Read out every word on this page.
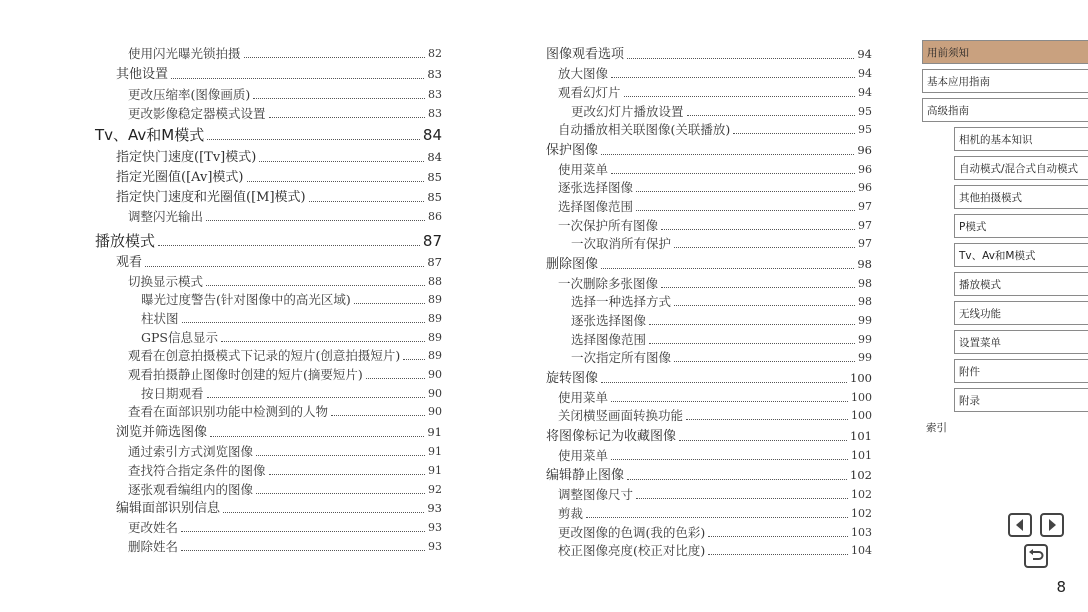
使用闪光曝光锁拍摄	82
其他设置	83
更改压缩率(图像画质)	83
更改影像稳定器模式设置	83
Tv、Av和M模式	84
指定快门速度([Tv]模式)	84
指定光圈值([Av]模式)	85
指定快门速度和光圈值([M]模式)	85
调整闪光输出	86
播放模式	87
观看	87
切换显示模式	88
曝光过度警告(针对图像中的高光区域)	89
柱状图	89
GPS信息显示	89
观看在创意拍摄模式下记录的短片(创意拍摄短片)	89
观看拍摄静止图像时创建的短片(摘要短片)	90
按日期观看	90
查看在面部识别功能中检测到的人物	90
浏览并筛选图像	91
通过索引方式浏览图像	91
查找符合指定条件的图像	91
逐张观看编组内的图像	92
编辑面部识别信息	93
更改姓名	93
删除姓名	93
图像观看选项	94
放大图像	94
观看幻灯片	94
更改幻灯片播放设置	95
自动播放相关联图像(关联播放)	95
保护图像	96
使用菜单	96
逐张选择图像	96
选择图像范围	97
一次保护所有图像	97
一次取消所有保护	97
删除图像	98
一次删除多张图像	98
选择一种选择方式	98
逐张选择图像	99
选择图像范围	99
一次指定所有图像	99
旋转图像	100
使用菜单	100
关闭横竖画面转换功能	100
将图像标记为收藏图像	101
使用菜单	101
编辑静止图像	102
调整图像尺寸	102
剪裁	102
更改图像的色调(我的色彩)	103
校正图像亮度(校正对比度)	104
用前须知
基本应用指南
高级指南
相机的基本知识
自动模式/混合式自动模式
其他拍摄模式
P模式
Tv、Av和M模式
播放模式
无线功能
设置菜单
附件
附录
索引
8
